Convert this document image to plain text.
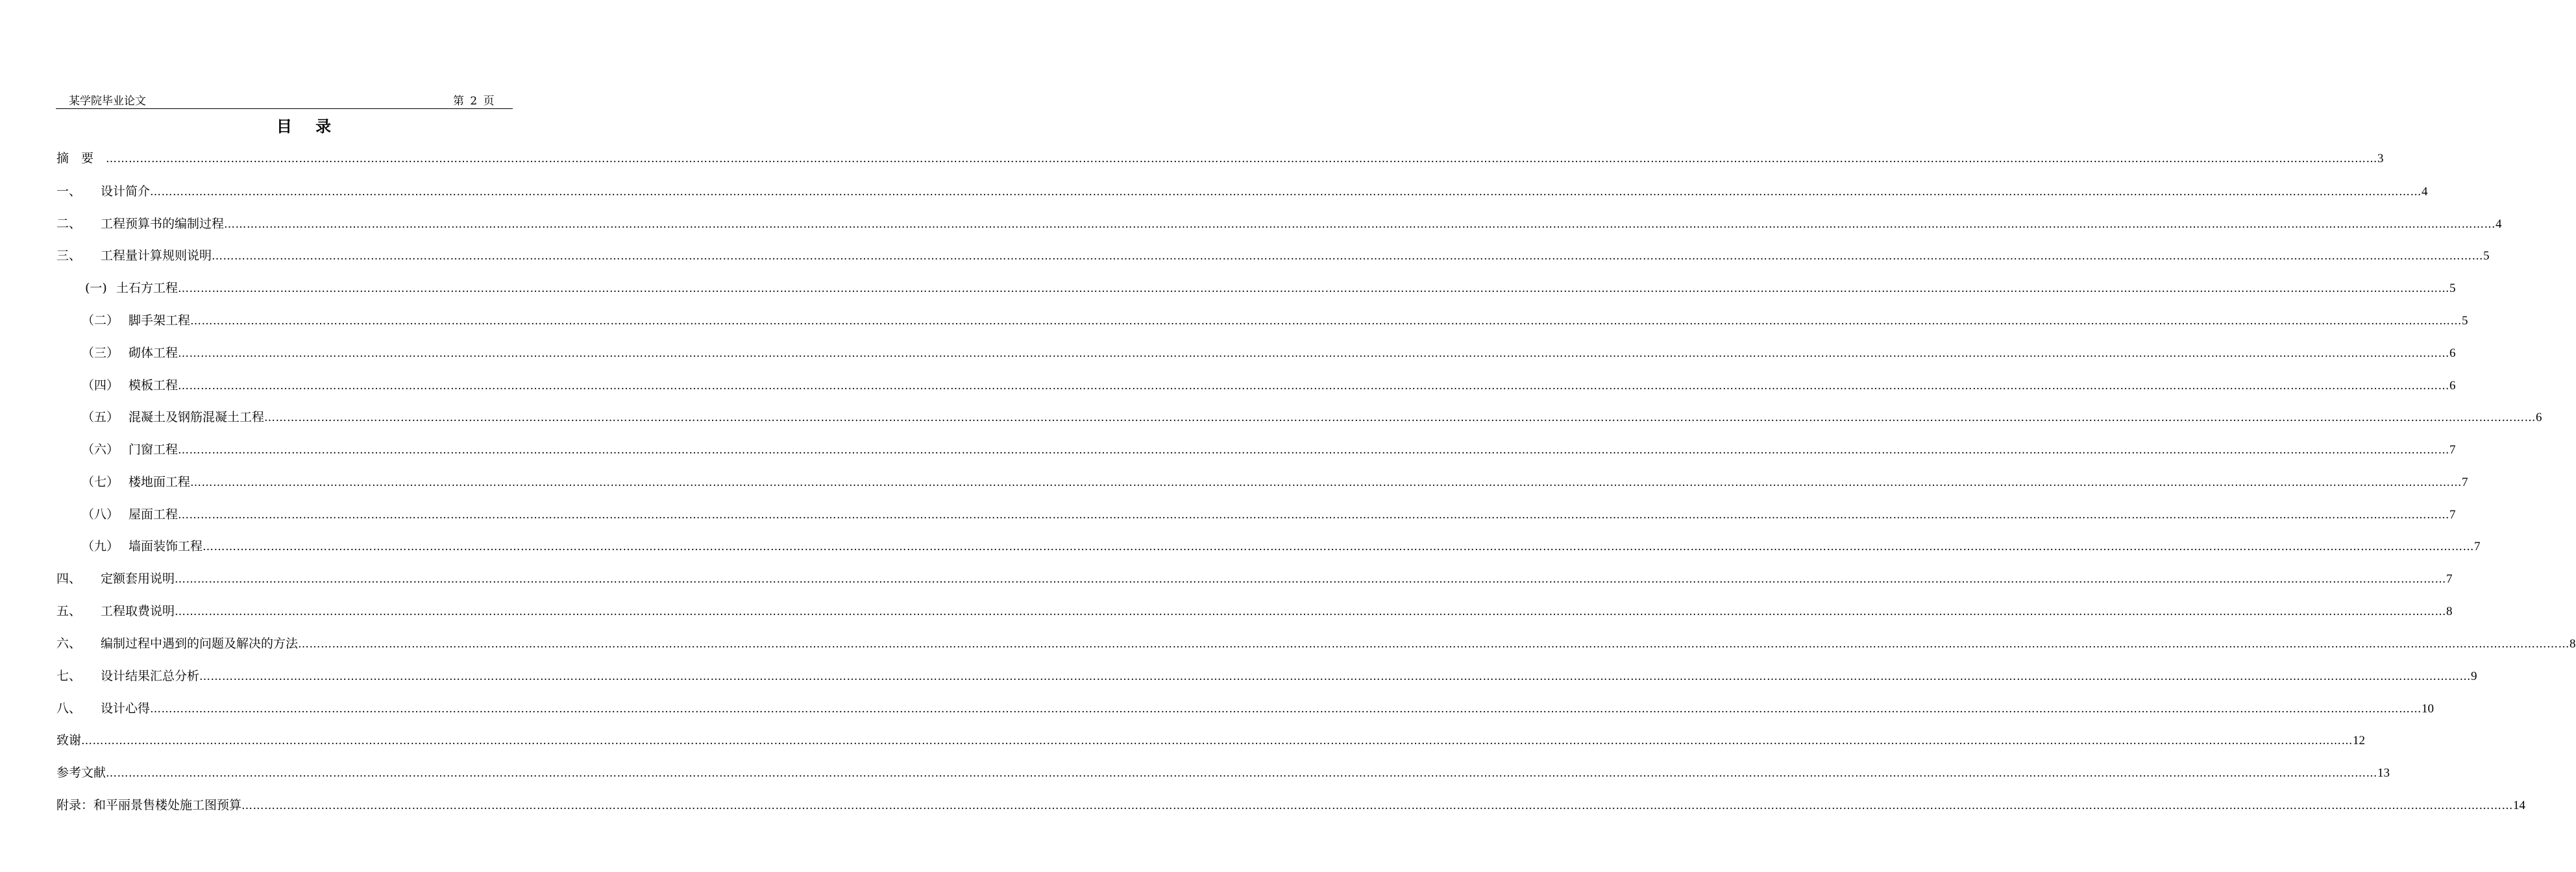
某学院毕业论文	第 2 页
目 录
摘　要　 …………………………………………………………………………………………………………………………………………………………………………………………………………………………………………………………………………………………………………………………………………………………………………………………………………………………………………………………………………………………………………………………………………………… 3
一、	设计简介 …………………………………………………………………………………………………………………………………………………………………………………………………………………………………………………………………………………………………………………………………………………………………………………………………………………………………………………………………………………………………………………………………………………… 4
二、	工程预算书的编制过程 …………………………………………………………………………………………………………………………………………………………………………………………………………………………………………………………………………………………………………………………………………………………………………………………………………………………………………………………………………………………………………………………………………………… 4
三、	工程量计算规则说明 …………………………………………………………………………………………………………………………………………………………………………………………………………………………………………………………………………………………………………………………………………………………………………………………………………………………………………………………………………………………………………………………………………………… 5
(一) 土石方工程 …………………………………………………………………………………………………………………………………………………………………………………………………………………………………………………………………………………………………………………………………………………………………………………………………………………………………………………………………………………………………………………………………………………… 5
（二） 脚手架工程 …………………………………………………………………………………………………………………………………………………………………………………………………………………………………………………………………………………………………………………………………………………………………………………………………………………………………………………………………………………………………………………………………………………… 5
（三） 砌体工程 …………………………………………………………………………………………………………………………………………………………………………………………………………………………………………………………………………………………………………………………………………………………………………………………………………………………………………………………………………………………………………………………………………………… 6
（四） 模板工程 …………………………………………………………………………………………………………………………………………………………………………………………………………………………………………………………………………………………………………………………………………………………………………………………………………………………………………………………………………………………………………………………………………………… 6
（五） 混凝土及钢筋混凝土工程 …………………………………………………………………………………………………………………………………………………………………………………………………………………………………………………………………………………………………………………………………………………………………………………………………………………………………………………………………………………………………………………………………………………… 6
（六） 门窗工程 …………………………………………………………………………………………………………………………………………………………………………………………………………………………………………………………………………………………………………………………………………………………………………………………………………………………………………………………………………………………………………………………………………………… 7
（七） 楼地面工程 …………………………………………………………………………………………………………………………………………………………………………………………………………………………………………………………………………………………………………………………………………………………………………………………………………………………………………………………………………………………………………………………………………………… 7
（八） 屋面工程 …………………………………………………………………………………………………………………………………………………………………………………………………………………………………………………………………………………………………………………………………………………………………………………………………………………………………………………………………………………………………………………………………………………… 7
（九） 墙面装饰工程 …………………………………………………………………………………………………………………………………………………………………………………………………………………………………………………………………………………………………………………………………………………………………………………………………………………………………………………………………………………………………………………………………………………… 7
四、	定额套用说明 …………………………………………………………………………………………………………………………………………………………………………………………………………………………………………………………………………………………………………………………………………………………………………………………………………………………………………………………………………………………………………………………………………………… 7
五、	工程取费说明 …………………………………………………………………………………………………………………………………………………………………………………………………………………………………………………………………………………………………………………………………………………………………………………………………………………………………………………………………………………………………………………………………………………… 8
六、	编制过程中遇到的问题及解决的方法 …………………………………………………………………………………………………………………………………………………………………………………………………………………………………………………………………………………………………………………………………………………………………………………………………………………………………………………………………………………………………………………………………………………… 8
七、	设计结果汇总分析 …………………………………………………………………………………………………………………………………………………………………………………………………………………………………………………………………………………………………………………………………………………………………………………………………………………………………………………………………………………………………………………………………………………… 9
八、	设计心得 …………………………………………………………………………………………………………………………………………………………………………………………………………………………………………………………………………………………………………………………………………………………………………………………………………………………………………………………………………………………………………………………………………………… 10
致谢 …………………………………………………………………………………………………………………………………………………………………………………………………………………………………………………………………………………………………………………………………………………………………………………………………………………………………………………………………………………………………………………………………………………… 12
参考文献 …………………………………………………………………………………………………………………………………………………………………………………………………………………………………………………………………………………………………………………………………………………………………………………………………………………………………………………………………………………………………………………………………………………… 13
附录：和平丽景售楼处施工图预算 …………………………………………………………………………………………………………………………………………………………………………………………………………………………………………………………………………………………………………………………………………………………………………………………………………………………………………………………………………………………………………………………………………………… 14
